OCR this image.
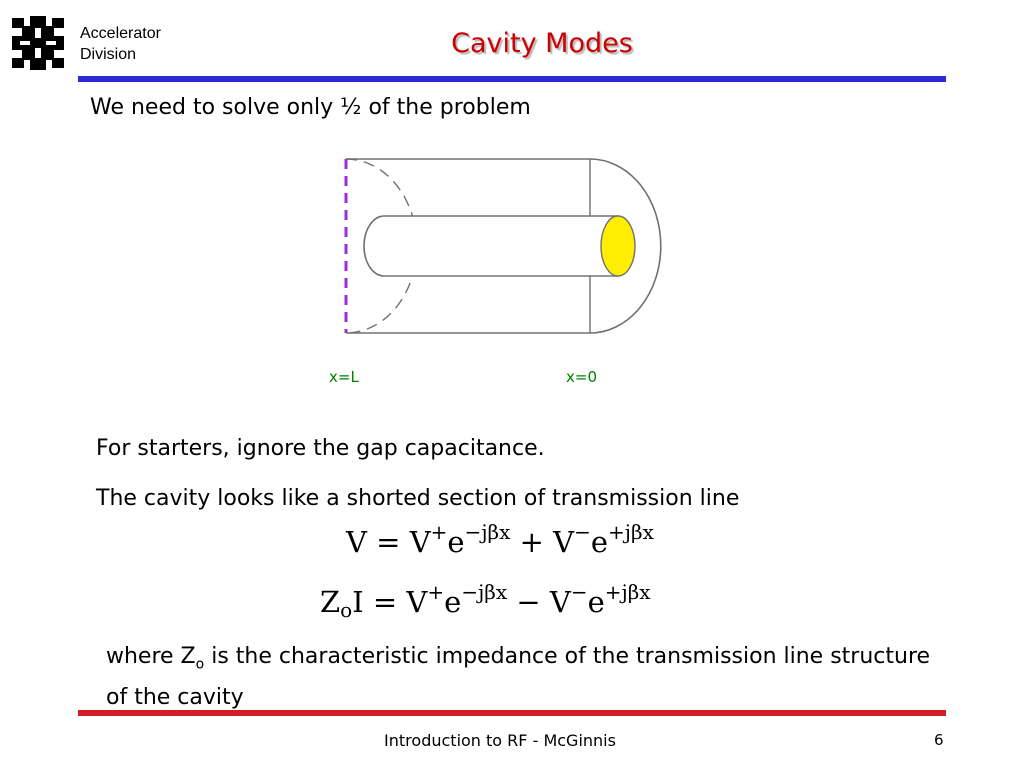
Accelerator
Division	Cavity Modes
We need to solve only ½ of the problem
x=L	x=0
For starters, ignore the gap capacitance.
The cavity looks like a shorted section of transmission line
$V = V^+e^{-j\beta x} + V^-e^{+j\beta x}$
$Z_oI = V^+e^{-j\beta x} - V^-e^{+j\beta x}$
where $Z_o$ is the characteristic impedance of the transmission line structure of the cavity
Introduction to RF - McGinnis	6
